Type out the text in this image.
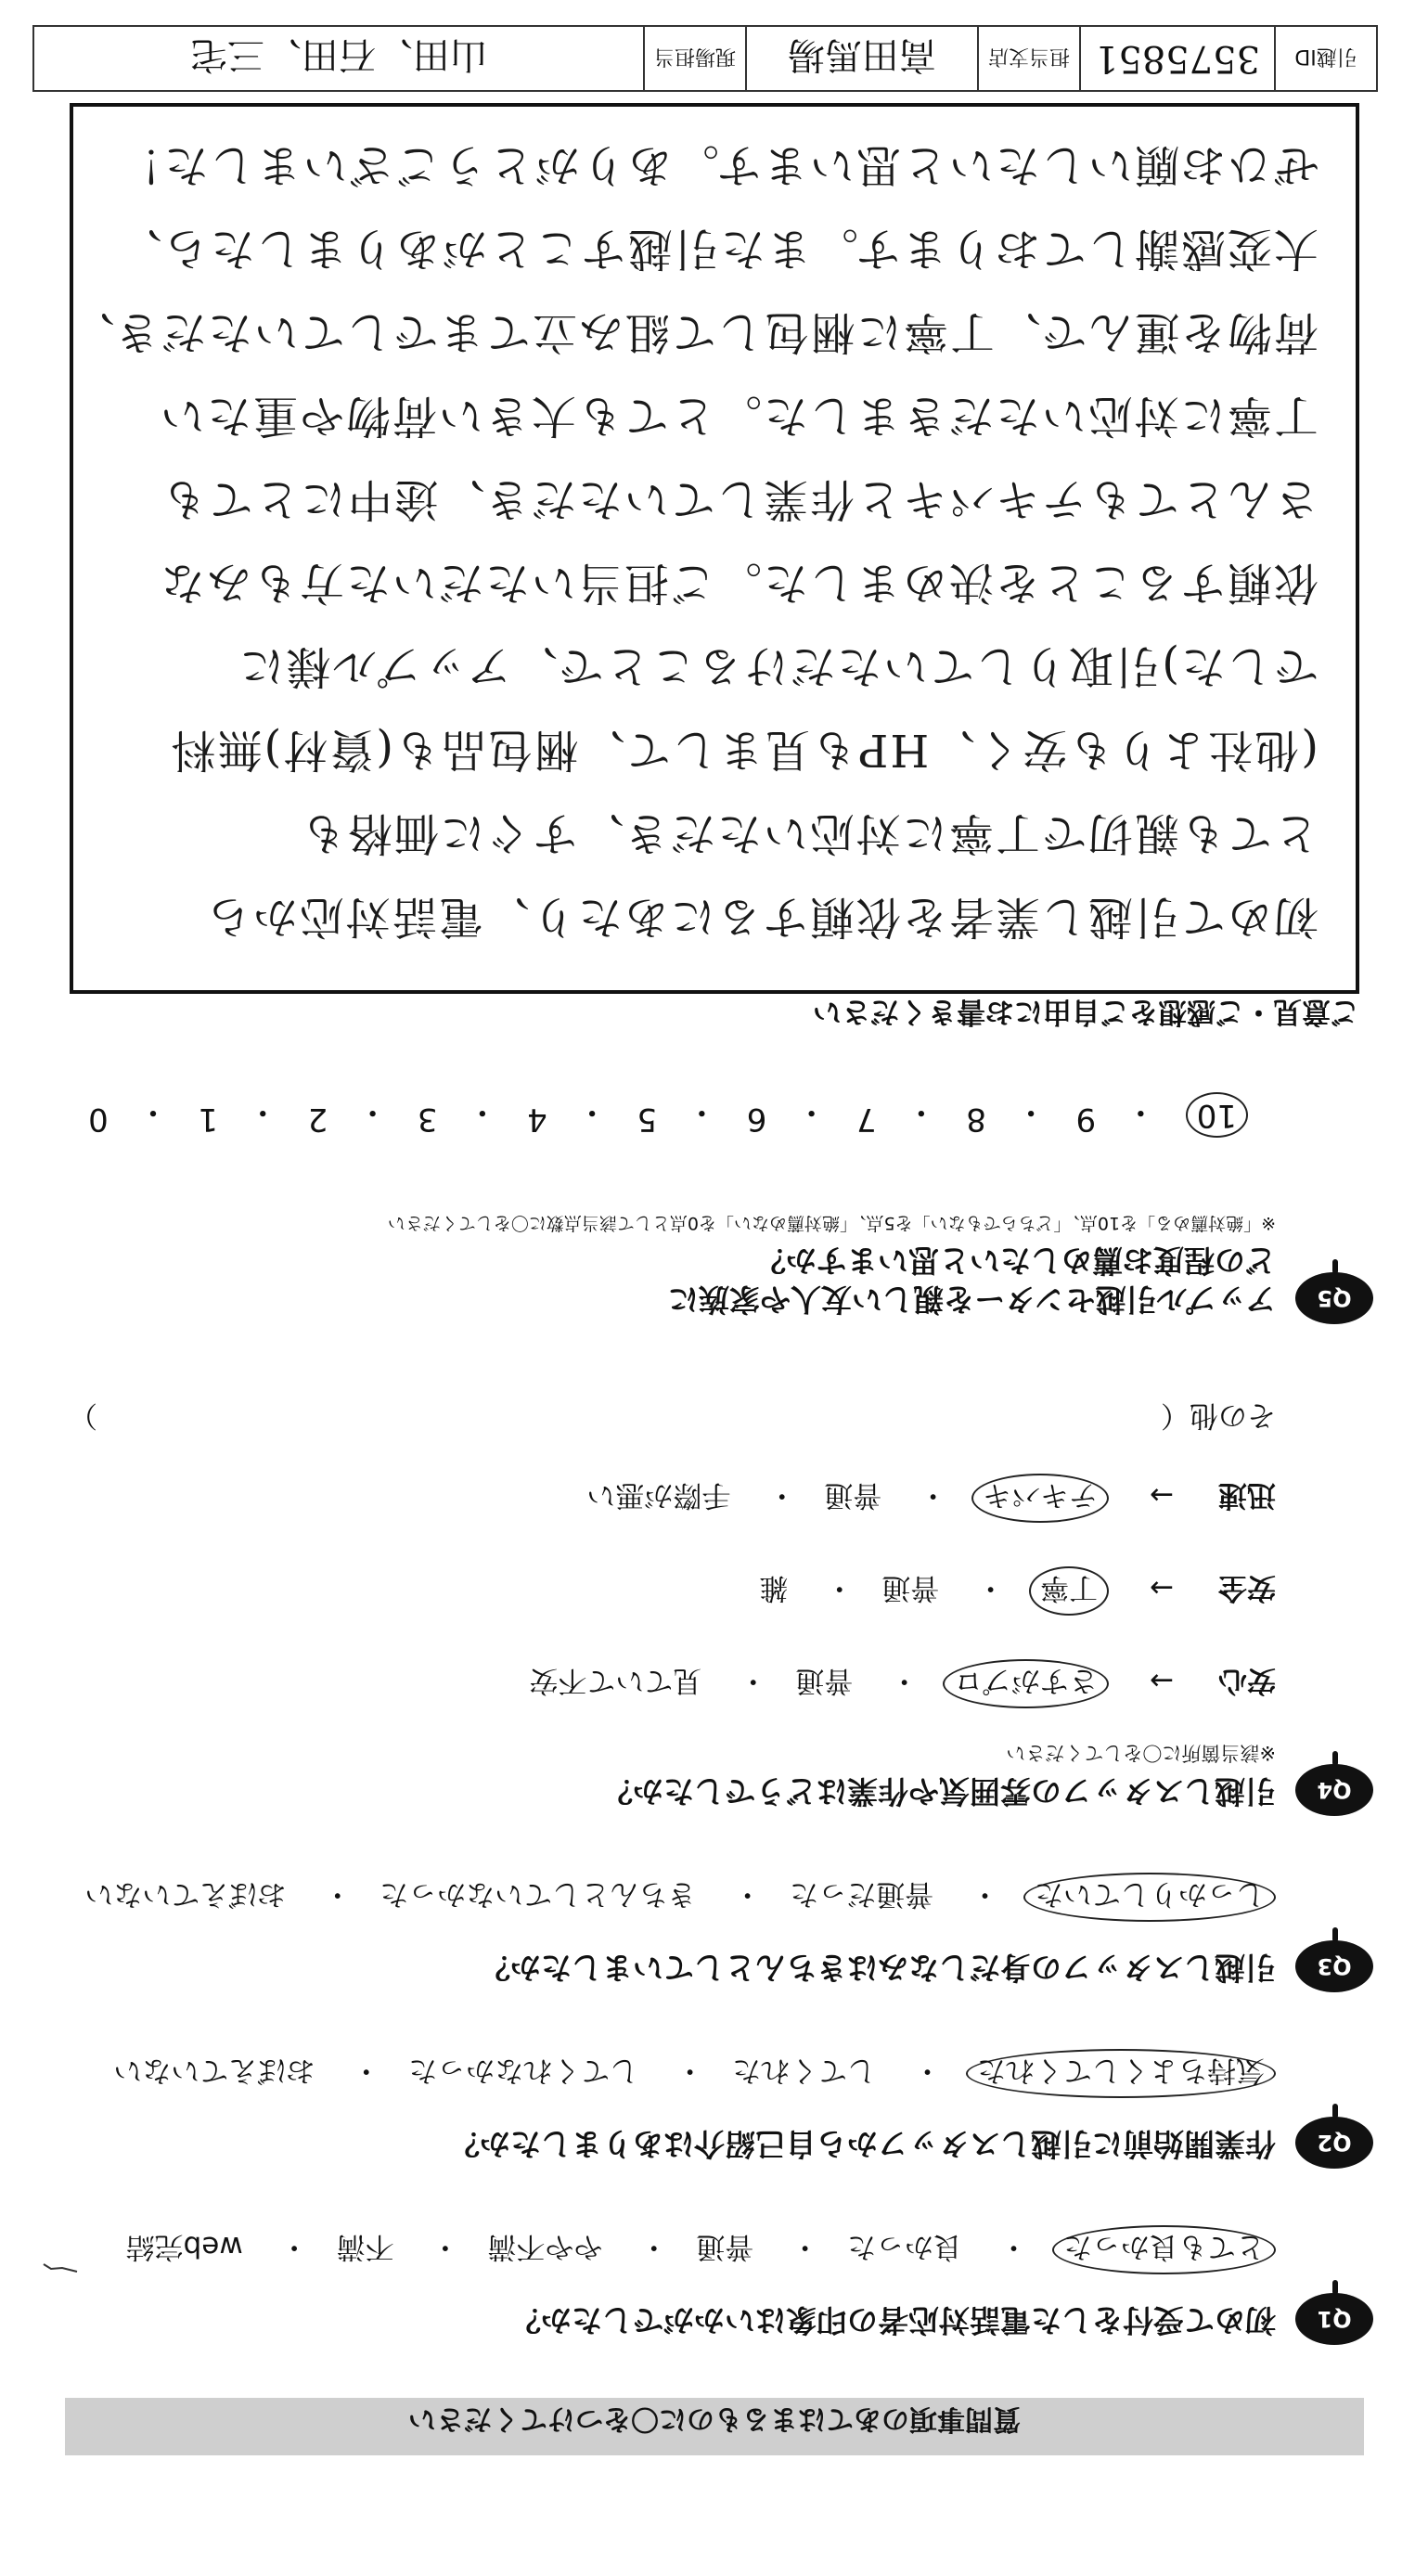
質問事項のあてはまるものに〇をつけてください
Q1
初めて受付をした電話対応者の印象はいかがでしたか？
とても良かった・ 良かった・ 普通・ やや不満・ 不満・ web完結
Q2
作業開始前に引越しスタッフから自己紹介はありましたか？
気持ちよくしてくれた・ してくれた・ してくれなかった・ おぼえていない
Q3
引越しスタッフの身だしなみはきちんとしていましたか？
しっかりしていた・ 普通だった・ きちんとしていなかった・ おぼえていない
Q4
引越しスタッフの雰囲気や作業はどうでしたか？
※該当箇所に〇をしてください
安心→ さすがプロ・ 普通・ 見ていて不安
安全→ 丁寧・ 普通・ 雑
迅速→ テキパキ・ 普通・ 手際が悪い
その他（
）
Q5
アップル引越センターを親しい友人や家族に
どの程度お薦めしたいと思いますか？
※「絶対薦める」を10点、「どちらでもない」を5点、「絶対薦めない」を0点として該当点数に〇をしてください
10
・
9
・
8
・
7
・
6
・
5
・
4
・
3
・
2
・
1
・
0
ご意見・ご感想をご自由にお書きください
初めて引越し業者を依頼するにあたり、電話対応から
とても親切で丁寧に対応いただき、すぐに価格も
(他社よりも安く、HPも見まして、梱包品も(資材)無料
でした)引取りしていただけることで、アップル様に
依頼することを決めました。ご担当いただいた方もみな
さんとてもテキパキと作業していただき、途中にとても
丁寧に対応いただきました。とても大きい荷物や重たい
荷物を運んで、丁寧に梱包して組み立てまでしていただき、
大変感謝しております。また引越すことがありましたら、
ぜひお願いしたいと思います。ありがとうございました！
引越ID
3575851
担当支店
高田馬場
現場担当
山田、石田、三宅
